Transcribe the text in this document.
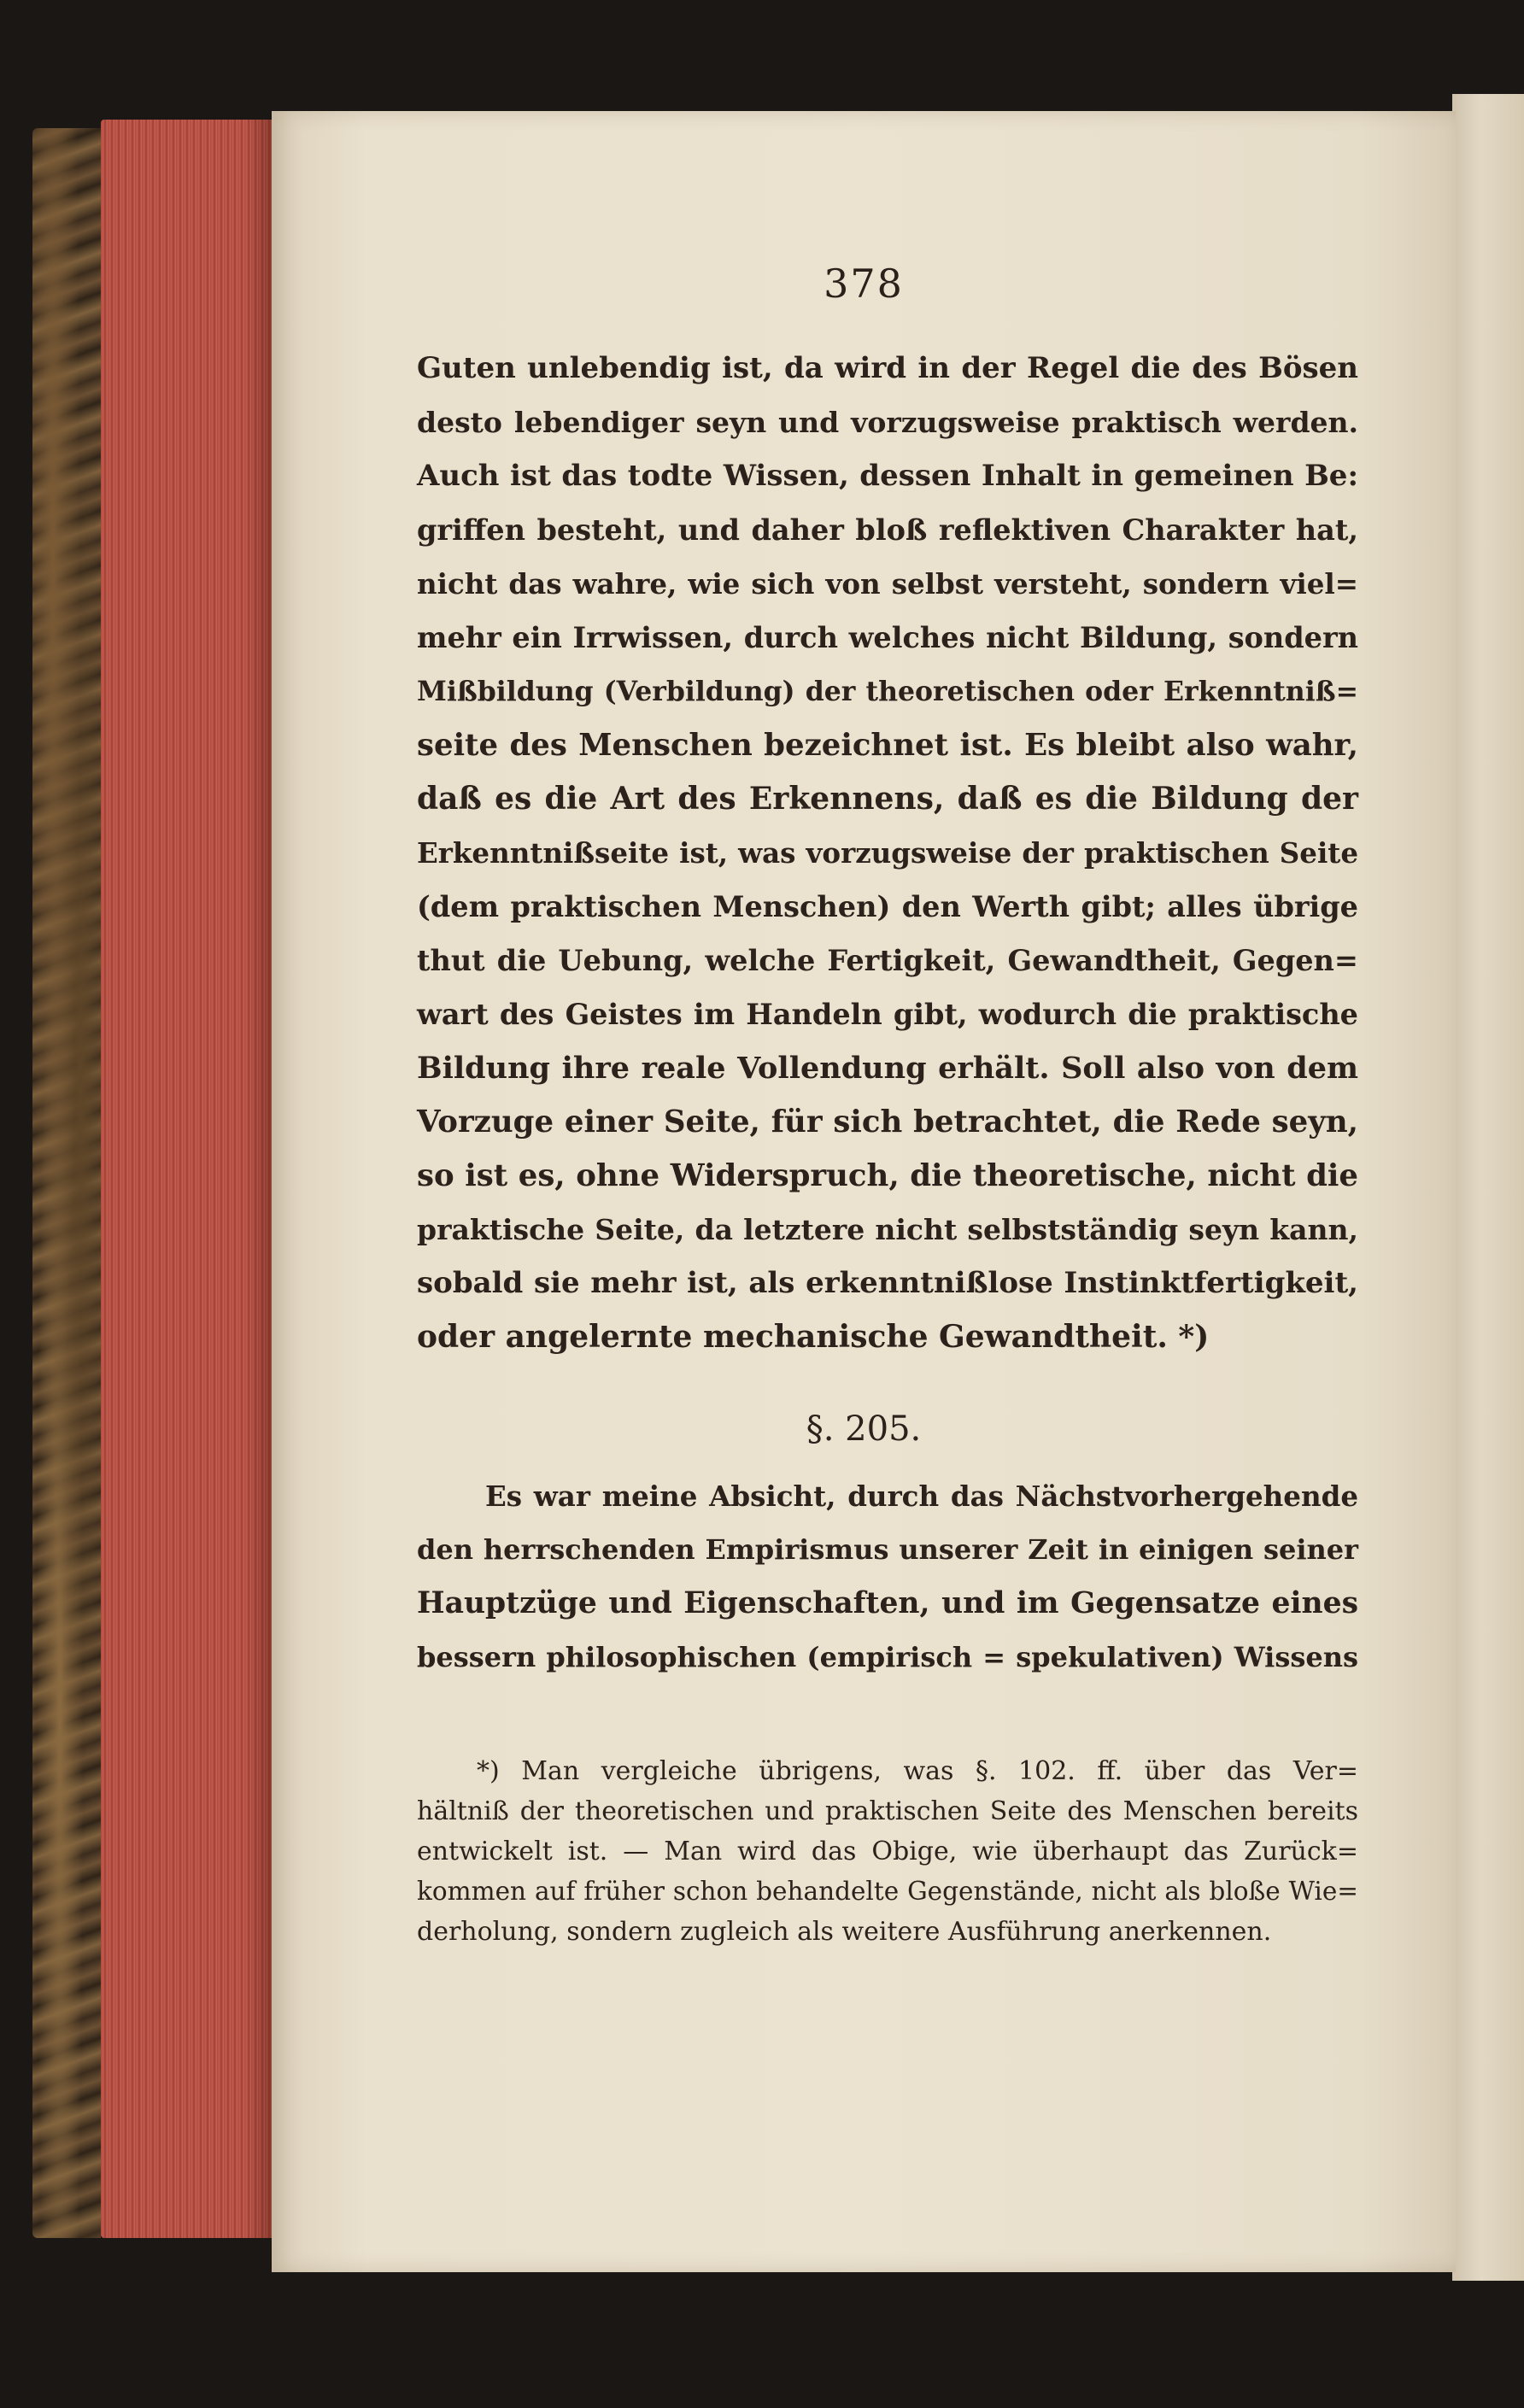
378
Guten unlebendig ist, da wird in der Regel die des Bösen
desto lebendiger seyn und vorzugsweise praktisch werden.
Auch ist das todte Wissen, dessen Inhalt in gemeinen Be:
griffen besteht, und daher bloß reflektiven Charakter hat,
nicht das wahre, wie sich von selbst versteht, sondern viel=
mehr ein Irrwissen, durch welches nicht Bildung, sondern
Mißbildung (Verbildung) der theoretischen oder Erkenntniß=
seite des Menschen bezeichnet ist. Es bleibt also wahr,
daß es die Art des Erkennens, daß es die Bildung der
Erkenntnißseite ist, was vorzugsweise der praktischen Seite
(dem praktischen Menschen) den Werth gibt; alles übrige
thut die Uebung, welche Fertigkeit, Gewandtheit, Gegen=
wart des Geistes im Handeln gibt, wodurch die praktische
Bildung ihre reale Vollendung erhält. Soll also von dem
Vorzuge einer Seite, für sich betrachtet, die Rede seyn,
so ist es, ohne Widerspruch, die theoretische, nicht die
praktische Seite, da letztere nicht selbstständig seyn kann,
sobald sie mehr ist, als erkenntnißlose Instinktfertigkeit,
oder angelernte mechanische Gewandtheit. *)
§. 205.
Es war meine Absicht, durch das Nächstvorhergehende
den herrschenden Empirismus unserer Zeit in einigen seiner
Hauptzüge und Eigenschaften, und im Gegensatze eines
bessern philosophischen (empirisch = spekulativen) Wissens
*) Man vergleiche übrigens, was §. 102. ff. über das Ver=
hältniß der theoretischen und praktischen Seite des Menschen bereits
entwickelt ist. — Man wird das Obige, wie überhaupt das Zurück=
kommen auf früher schon behandelte Gegenstände, nicht als bloße Wie=
derholung, sondern zugleich als weitere Ausführung anerkennen.
